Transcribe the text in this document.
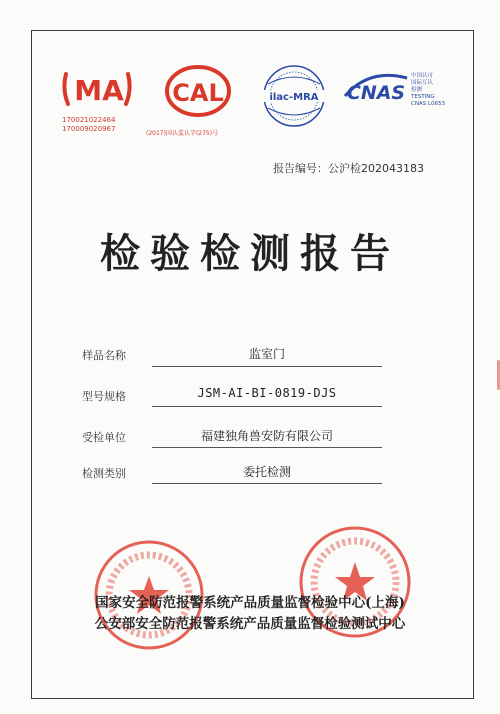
MA
170021022464
170009020967
CAL
(2017)国认监认字(275)号
ilac-MRA CNAS
中国认可
国际互认
检测
TESTING
CNAS L0653
报告编号：公沪检202043183
检验检测报告
样品名称	监室门
型号规格	JSM-AI-BI-0819-DJS
受检单位	福建独角兽安防有限公司
检测类别	委托检测
国家安全防范报警系统产品质量监督检验中心(上海)
公安部安全防范报警系统产品质量监督检验测试中心
